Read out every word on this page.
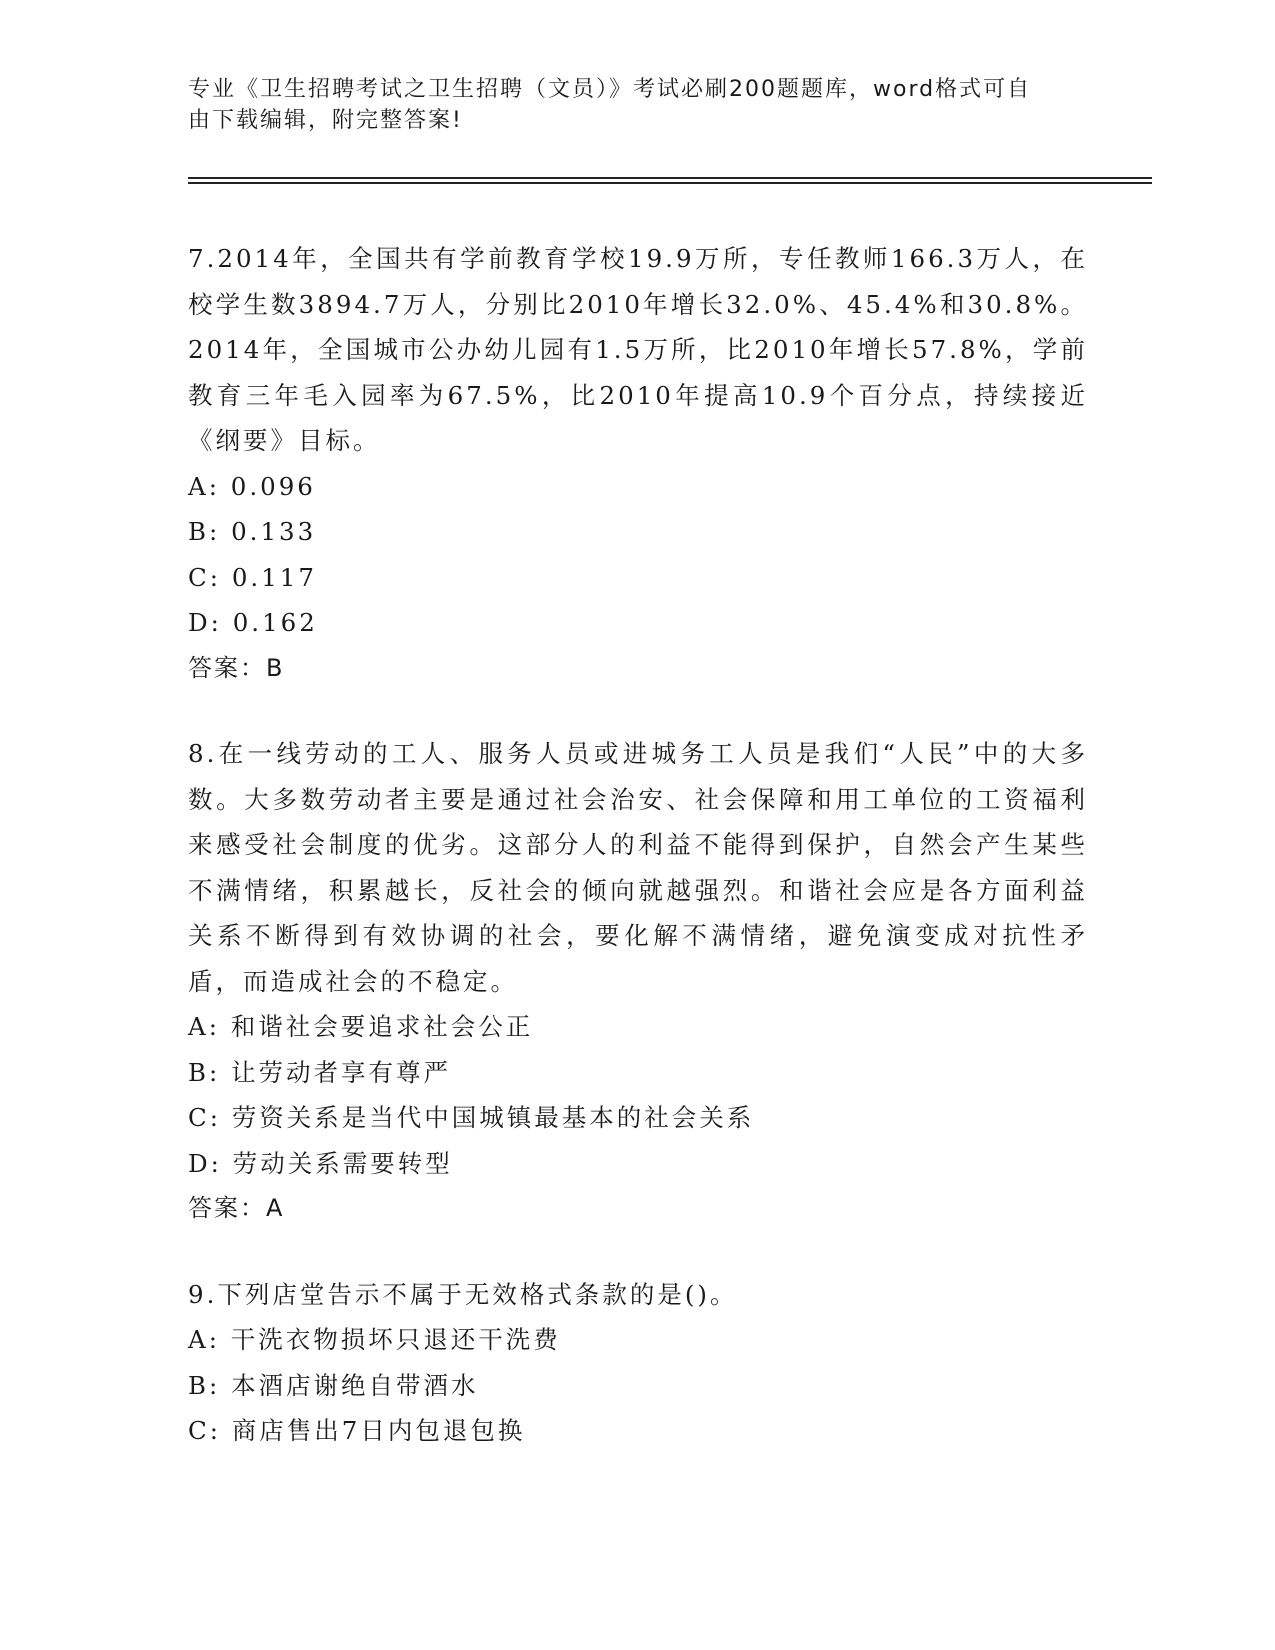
专业《卫生招聘考试之卫生招聘（文员）》考试必刷200题题库，word格式可自
由下载编辑，附完整答案!

7.2014年，全国共有学前教育学校19.9万所，专任教师166.3万人，在校学生数3894.7万人，分别比2010年增长32.0%、45.4%和30.8%。2014年，全国城市公办幼儿园有1.5万所，比2010年增长57.8%，学前教育三年毛入园率为67.5%，比2010年提高10.9个百分点，持续接近《纲要》目标。

A: 0.096

B: 0.133

C: 0.117

D: 0.162

答案：B

8.在一线劳动的工人、服务人员或进城务工人员是我们“人民”中的大多数。大多数劳动者主要是通过社会治安、社会保障和用工单位的工资福利来感受社会制度的优劣。这部分人的利益不能得到保护，自然会产生某些不满情绪，积累越长，反社会的倾向就越强烈。和谐社会应是各方面利益关系不断得到有效协调的社会，要化解不满情绪，避免演变成对抗性矛盾，而造成社会的不稳定。

A: 和谐社会要追求社会公正

B: 让劳动者享有尊严

C: 劳资关系是当代中国城镇最基本的社会关系

D: 劳动关系需要转型

答案：A

9.下列店堂告示不属于无效格式条款的是()。

A: 干洗衣物损坏只退还干洗费

B: 本酒店谢绝自带酒水

C: 商店售出7日内包退包换
